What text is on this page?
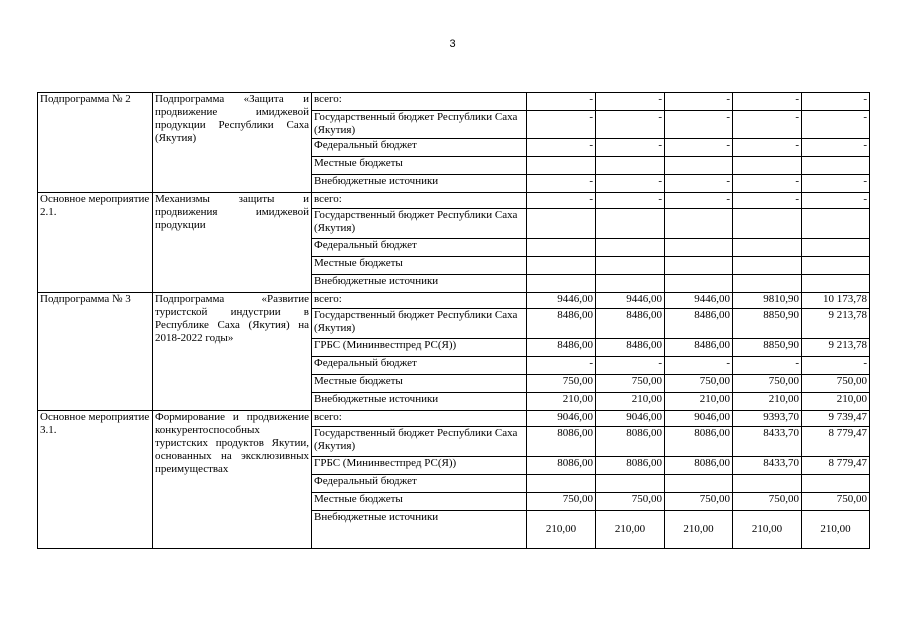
3
Подпрограмма № 2	Подпрограмма «Защита и продвижение имиджевой продукции Республики Саха (Якутия)	всего:	-	-	-	-	-
		Государственный бюджет Республики Саха (Якутия)	-	-	-	-	-
		Федеральный бюджет	-	-	-	-	-
		Местные бюджеты					
		Внебюджетные источники	-	-	-	-	-
Основное мероприятие 2.1.	Механизмы защиты и продвижения имиджевой продукции	всего:	-	-	-	-	-
		Государственный бюджет Республики Саха (Якутия)					
		Федеральный бюджет					
		Местные бюджеты					
		Внебюджетные источники					
Подпрограмма № 3	Подпрограмма «Развитие туристской индустрии в Республике Саха (Якутия) на 2018-2022 годы»	всего:	9446,00	9446,00	9446,00	9810,90	10 173,78
		Государственный бюджет Республики Саха (Якутия)	8486,00	8486,00	8486,00	8850,90	9 213,78
		ГРБС (Мининвестпред РС(Я))	8486,00	8486,00	8486,00	8850,90	9 213,78
		Федеральный бюджет	-	-	-	-	-
		Местные бюджеты	750,00	750,00	750,00	750,00	750,00
		Внебюджетные источники	210,00	210,00	210,00	210,00	210,00
Основное мероприятие 3.1.	Формирование и продвижение конкурентоспособных туристских продуктов Якутии, основанных на эксклюзивных преимуществах	всего:	9046,00	9046,00	9046,00	9393,70	9 739,47
		Государственный бюджет Республики Саха (Якутия)	8086,00	8086,00	8086,00	8433,70	8 779,47
		ГРБС (Мининвестпред РС(Я))	8086,00	8086,00	8086,00	8433,70	8 779,47
		Федеральный бюджет					
		Местные бюджеты	750,00	750,00	750,00	750,00	750,00
		Внебюджетные источники	210,00	210,00	210,00	210,00	210,00
